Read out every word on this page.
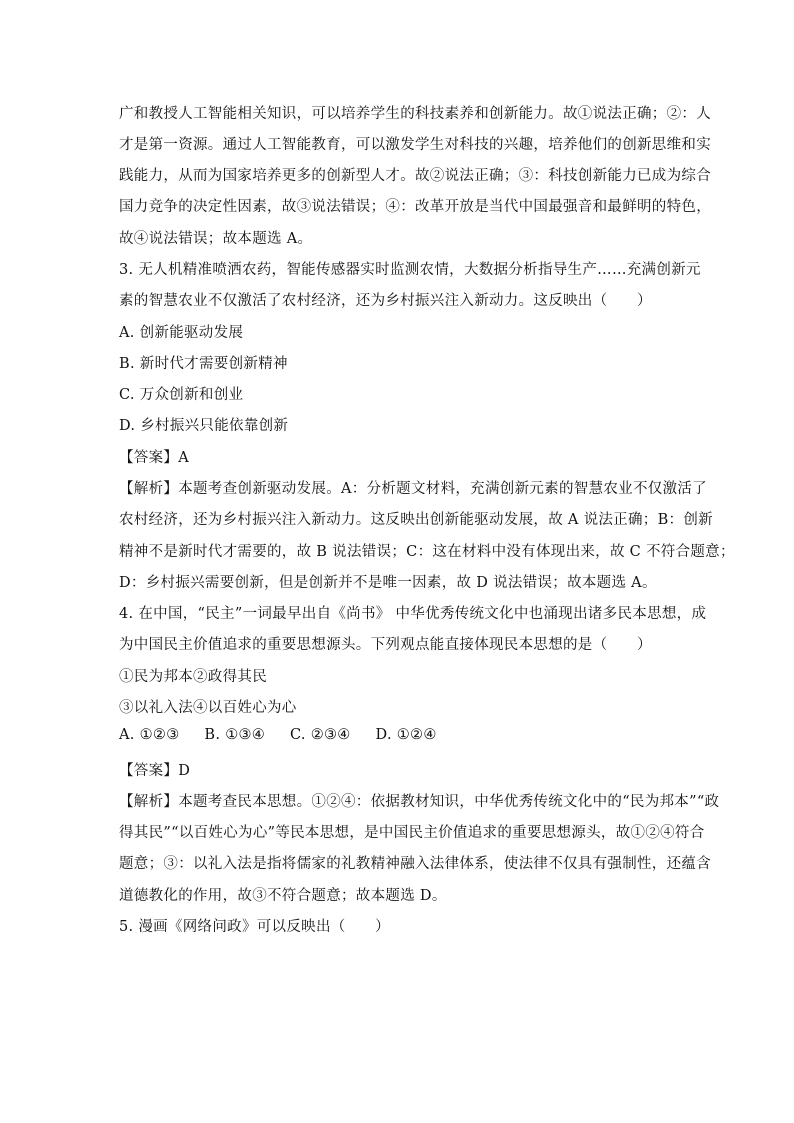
广和教授人工智能相关知识，可以培养学生的科技素养和创新能力。故①说法正确；②：人
才是第一资源。通过人工智能教育，可以激发学生对科技的兴趣，培养他们的创新思维和实
践能力，从而为国家培养更多的创新型人才。故②说法正确；③：科技创新能力已成为综合
国力竞争的决定性因素，故③说法错误；④：改革开放是当代中国最强音和最鲜明的特色，
故④说法错误；故本题选 A。
3. 无人机精准喷洒农药，智能传感器实时监测农情，大数据分析指导生产……充满创新元
素的智慧农业不仅激活了农村经济，还为乡村振兴注入新动力。这反映出（　　）
A. 创新能驱动发展
B. 新时代才需要创新精神
C. 万众创新和创业
D. 乡村振兴只能依靠创新
【答案】A
【解析】本题考查创新驱动发展。A：分析题文材料，充满创新元素的智慧农业不仅激活了
农村经济，还为乡村振兴注入新动力。这反映出创新能驱动发展，故 A 说法正确；B：创新
精神不是新时代才需要的，故 B 说法错误；C：这在材料中没有体现出来，故 C 不符合题意；
D：乡村振兴需要创新，但是创新并不是唯一因素，故 D 说法错误；故本题选 A。
4. 在中国，“民主”一词最早出自《尚书》 中华优秀传统文化中也涌现出诸多民本思想，成
为中国民主价值追求的重要思想源头。下列观点能直接体现民本思想的是（　　）
①民为邦本②政得其民
③以礼入法④以百姓心为心
A. ①②③ B. ①③④ C. ②③④ D. ①②④
【答案】D
【解析】本题考查民本思想。①②④：依据教材知识，中华优秀传统文化中的“民为邦本”“政
得其民”“以百姓心为心”等民本思想，是中国民主价值追求的重要思想源头，故①②④符合
题意；③：以礼入法是指将儒家的礼教精神融入法律体系，使法律不仅具有强制性，还蕴含
道德教化的作用，故③不符合题意；故本题选 D。
5. 漫画《网络问政》可以反映出（　　）
